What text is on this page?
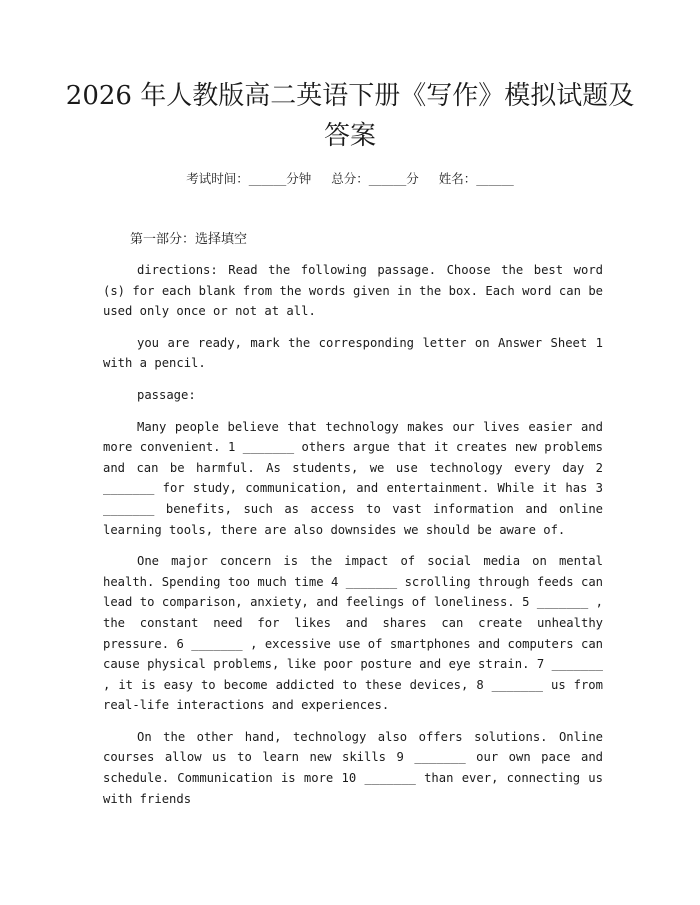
2026 年人教版高二英语下册《写作》模拟试题及答案
考试时间：______分钟 总分：______分 姓名：______
第一部分：选择填空

directions: Read the following passage. Choose the best word (s) for each blank from the words given in the box. Each word can be used only once or not at all.

you are ready, mark the corresponding letter on Answer Sheet 1 with a pencil.

passage:

Many people believe that technology makes our lives easier and more convenient. 1 _______ others argue that it creates new problems and can be harmful. As students, we use technology every day 2 _______ for study, communication, and entertainment. While it has 3 _______ benefits, such as access to vast information and online learning tools, there are also downsides we should be aware of.

One major concern is the impact of social media on mental health. Spending too much time 4 _______ scrolling through feeds can lead to comparison, anxiety, and feelings of loneliness. 5 _______ , the constant need for likes and shares can create unhealthy pressure. 6 _______ , excessive use of smartphones and computers can cause physical problems, like poor posture and eye strain. 7 _______ , it is easy to become addicted to these devices, 8 _______ us from real-life interactions and experiences.

On the other hand, technology also offers solutions. Online courses allow us to learn new skills 9 _______ our own pace and schedule. Communication is more 10 _______ than ever, connecting us with friends
